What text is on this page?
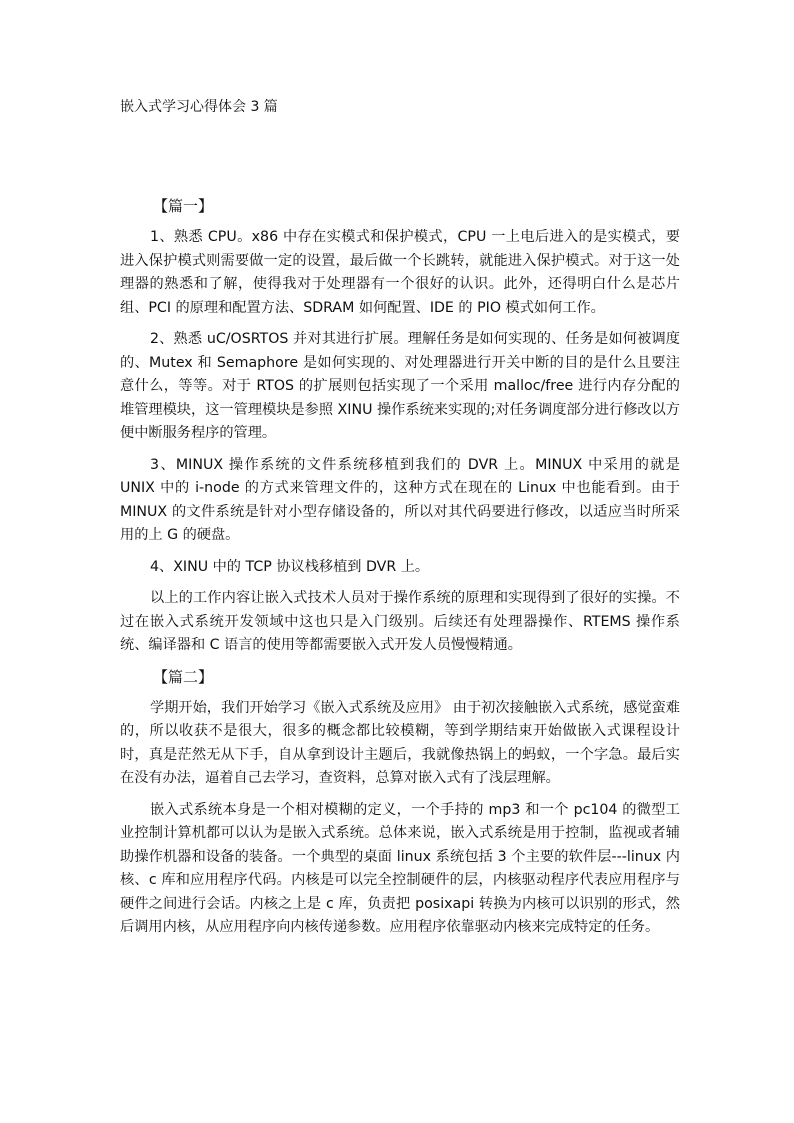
嵌入式学习心得体会 3 篇
【篇一】

1、熟悉 CPU。x86 中存在实模式和保护模式，CPU 一上电后进入的是实模式，要进入保护模式则需要做一定的设置，最后做一个长跳转，就能进入保护模式。对于这一处理器的熟悉和了解，使得我对于处理器有一个很好的认识。此外，还得明白什么是芯片组、PCI 的原理和配置方法、SDRAM 如何配置、IDE 的 PIO 模式如何工作。

2、熟悉 uC/OSRTOS 并对其进行扩展。理解任务是如何实现的、任务是如何被调度的、Mutex 和 Semaphore 是如何实现的、对处理器进行开关中断的目的是什么且要注意什么，等等。对于 RTOS 的扩展则包括实现了一个采用 malloc/free 进行内存分配的堆管理模块，这一管理模块是参照 XINU 操作系统来实现的;对任务调度部分进行修改以方便中断服务程序的管理。

3、MINUX 操作系统的文件系统移植到我们的 DVR 上。MINUX 中采用的就是 UNIX 中的 i-node 的方式来管理文件的，这种方式在现在的 Linux 中也能看到。由于 MINUX 的文件系统是针对小型存储设备的，所以对其代码要进行修改，以适应当时所采用的上 G 的硬盘。

4、XINU 中的 TCP 协议栈移植到 DVR 上。

以上的工作内容让嵌入式技术人员对于操作系统的原理和实现得到了很好的实操。不过在嵌入式系统开发领域中这也只是入门级别。后续还有处理器操作、RTEMS 操作系统、编译器和 C 语言的使用等都需要嵌入式开发人员慢慢精通。

【篇二】

学期开始，我们开始学习《嵌入式系统及应用》 由于初次接触嵌入式系统，感觉蛮难的，所以收获不是很大，很多的概念都比较模糊，等到学期结束开始做嵌入式课程设计时，真是茫然无从下手，自从拿到设计主题后，我就像热锅上的蚂蚁，一个字急。最后实在没有办法，逼着自己去学习，查资料，总算对嵌入式有了浅层理解。

嵌入式系统本身是一个相对模糊的定义，一个手持的 mp3 和一个 pc104 的微型工业控制计算机都可以认为是嵌入式系统。总体来说，嵌入式系统是用于控制，监视或者辅助操作机器和设备的装备。一个典型的桌面 linux 系统包括 3 个主要的软件层---linux 内核、c 库和应用程序代码。内核是可以完全控制硬件的层，内核驱动程序代表应用程序与硬件之间进行会话。内核之上是 c 库，负责把 posixapi 转换为内核可以识别的形式，然后调用内核，从应用程序向内核传递参数。应用程序依靠驱动内核来完成特定的任务。
